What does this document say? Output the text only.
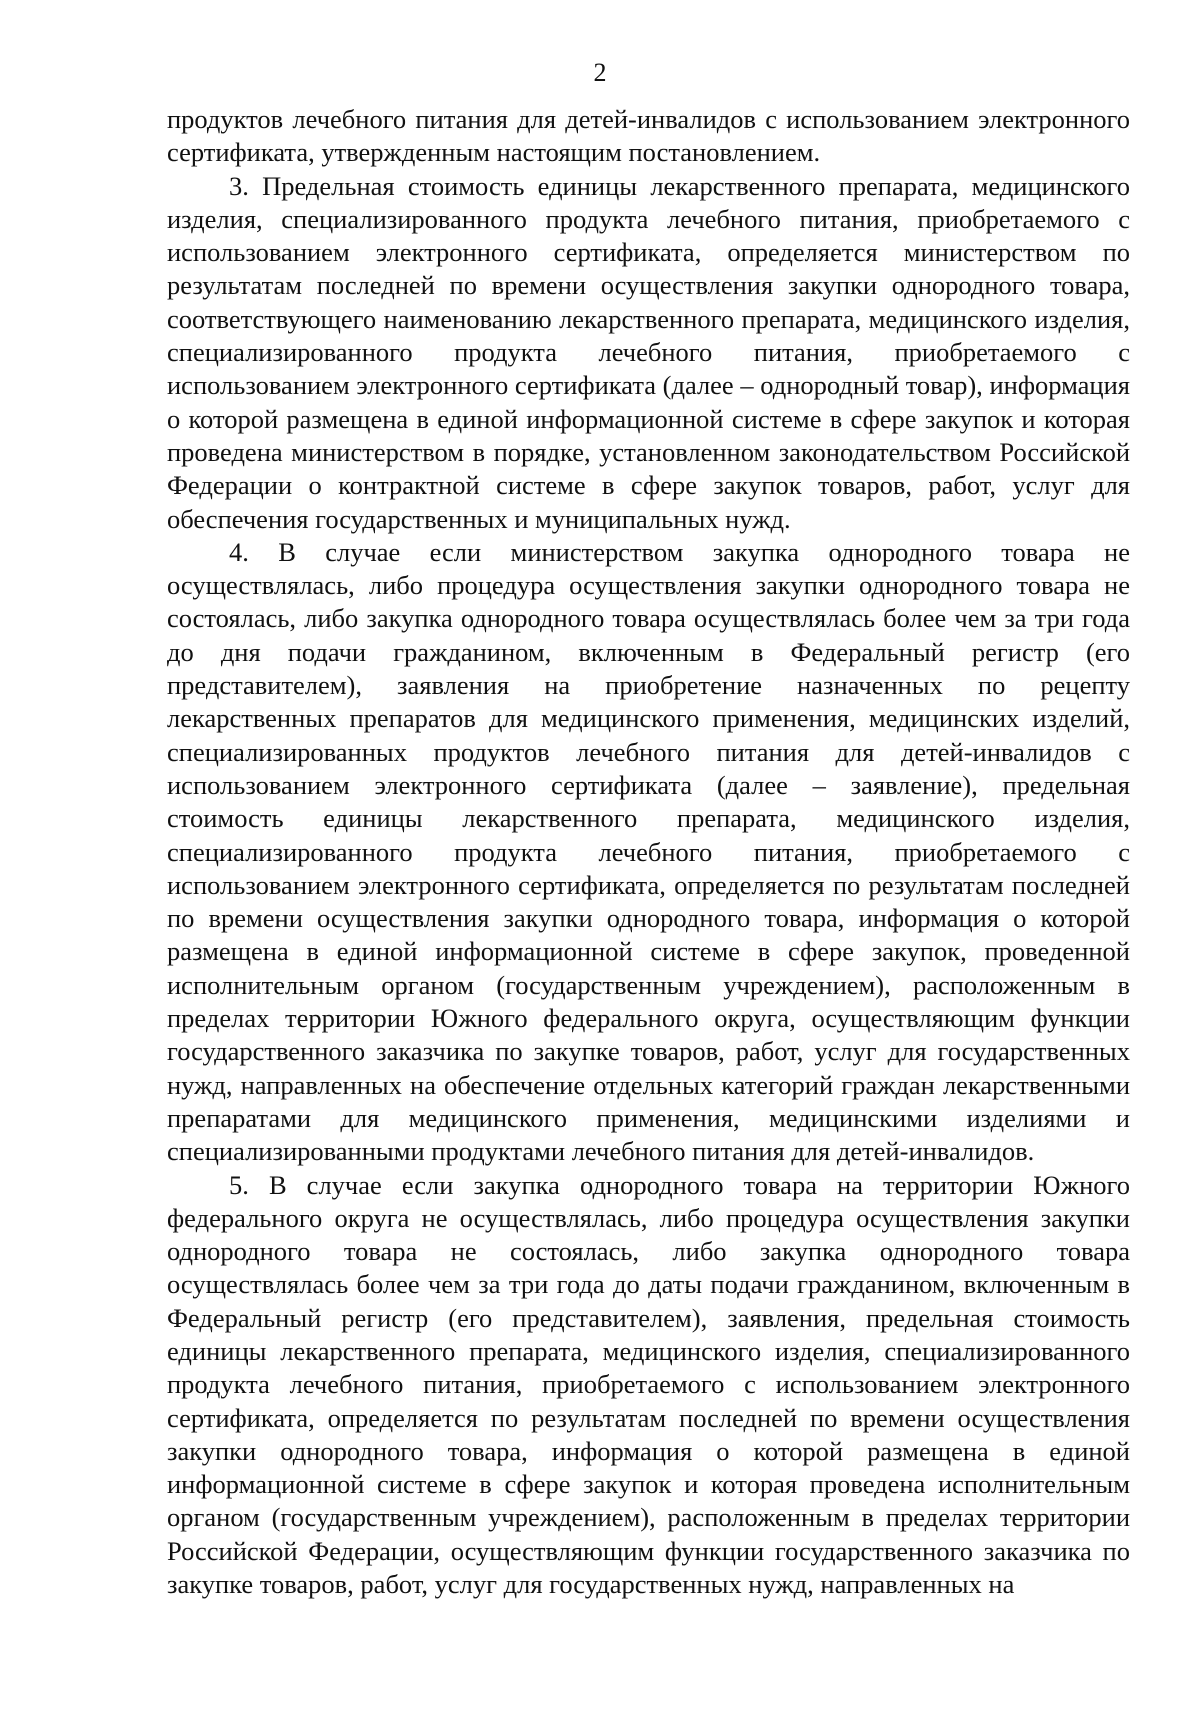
2

продуктов лечебного питания для детей-инвалидов с использованием электронного сертификата, утвержденным настоящим постановлением.

3. Предельная стоимость единицы лекарственного препарата, медицинского изделия, специализированного продукта лечебного питания, приобретаемого с использованием электронного сертификата, определяется министерством по результатам последней по времени осуществления закупки однородного товара, соответствующего наименованию лекарственного препарата, медицинского изделия, специализированного продукта лечебного питания, приобретаемого с использованием электронного сертификата (далее – однородный товар), информация о которой размещена в единой информационной системе в сфере закупок и которая проведена министерством в порядке, установленном законодательством Российской Федерации о контрактной системе в сфере закупок товаров, работ, услуг для обеспечения государственных и муниципальных нужд.

4. В случае если министерством закупка однородного товара не осуществлялась, либо процедура осуществления закупки однородного товара не состоялась, либо закупка однородного товара осуществлялась более чем за три года до дня подачи гражданином, включенным в Федеральный регистр (его представителем), заявления на приобретение назначенных по рецепту лекарственных препаратов для медицинского применения, медицинских изделий, специализированных продуктов лечебного питания для детей-инвалидов с использованием электронного сертификата (далее – заявление), предельная стоимость единицы лекарственного препарата, медицинского изделия, специализированного продукта лечебного питания, приобретаемого с использованием электронного сертификата, определяется по результатам последней по времени осуществления закупки однородного товара, информация о которой размещена в единой информационной системе в сфере закупок, проведенной исполнительным органом (государственным учреждением), расположенным в пределах территории Южного федерального округа, осуществляющим функции государственного заказчика по закупке товаров, работ, услуг для государственных нужд, направленных на обеспечение отдельных категорий граждан лекарственными препаратами для медицинского применения, медицинскими изделиями и специализированными продуктами лечебного питания для детей-инвалидов.

5. В случае если закупка однородного товара на территории Южного федерального округа не осуществлялась, либо процедура осуществления закупки однородного товара не состоялась, либо закупка однородного товара осуществлялась более чем за три года до даты подачи гражданином, включенным в Федеральный регистр (его представителем), заявления, предельная стоимость единицы лекарственного препарата, медицинского изделия, специализированного продукта лечебного питания, приобретаемого с использованием электронного сертификата, определяется по результатам последней по времени осуществления закупки однородного товара, информация о которой размещена в единой информационной системе в сфере закупок и которая проведена исполнительным органом (государственным учреждением), расположенным в пределах территории Российской Федерации, осуществляющим функции государственного заказчика по закупке товаров, работ, услуг для государственных нужд, направленных на
